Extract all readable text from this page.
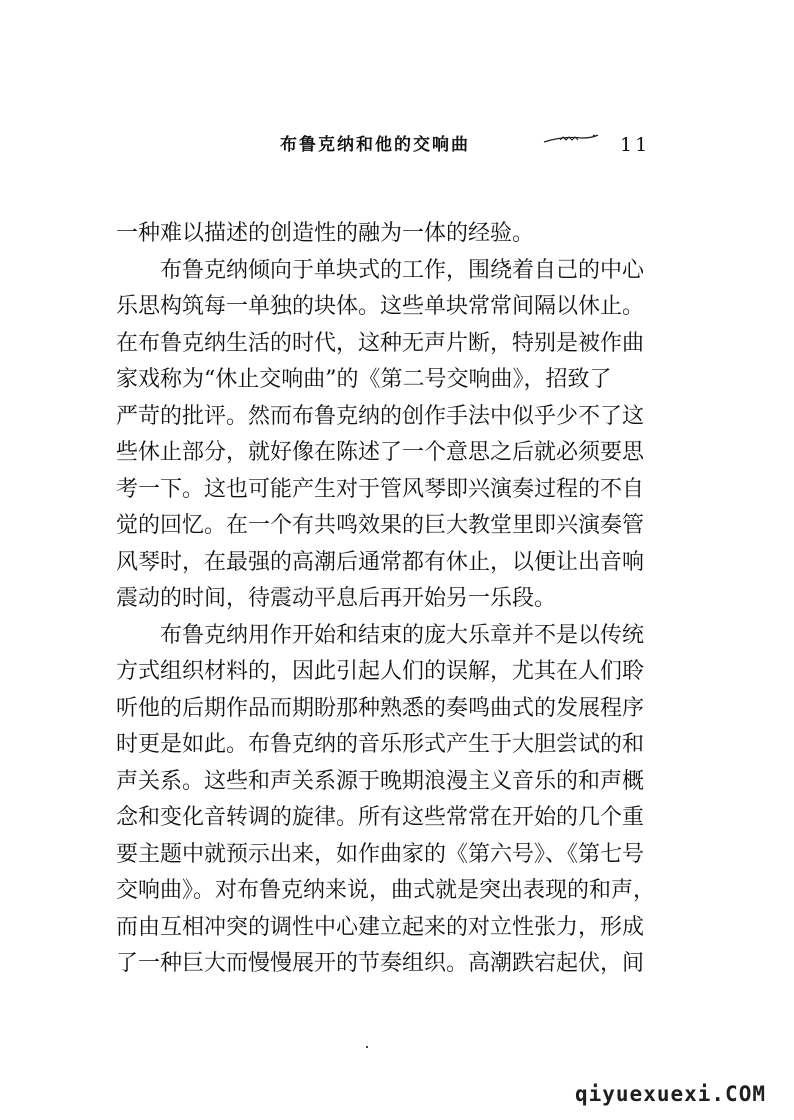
布鲁克纳和他的交响曲	11
一种难以描述的创造性的融为一体的经验。
布鲁克纳倾向于单块式的工作，围绕着自己的中心
乐思构筑每一单独的块体。这些单块常常间隔以休止。
在布鲁克纳生活的时代，这种无声片断，特别是被作曲
家戏称为“休止交响曲”的《第二号交响曲》，招致了
严苛的批评。然而布鲁克纳的创作手法中似乎少不了这
些休止部分，就好像在陈述了一个意思之后就必须要思
考一下。这也可能产生对于管风琴即兴演奏过程的不自
觉的回忆。在一个有共鸣效果的巨大教堂里即兴演奏管
风琴时，在最强的高潮后通常都有休止，以便让出音响
震动的时间，待震动平息后再开始另一乐段。
布鲁克纳用作开始和结束的庞大乐章并不是以传统
方式组织材料的，因此引起人们的误解，尤其在人们聆
听他的后期作品而期盼那种熟悉的奏鸣曲式的发展程序
时更是如此。布鲁克纳的音乐形式产生于大胆尝试的和
声关系。这些和声关系源于晚期浪漫主义音乐的和声概
念和变化音转调的旋律。所有这些常常在开始的几个重
要主题中就预示出来，如作曲家的《第六号》、《第七号
交响曲》。对布鲁克纳来说，曲式就是突出表现的和声，
而由互相冲突的调性中心建立起来的对立性张力，形成
了一种巨大而慢慢展开的节奏组织。高潮跌宕起伏，间
qiyuexuexi.COM
